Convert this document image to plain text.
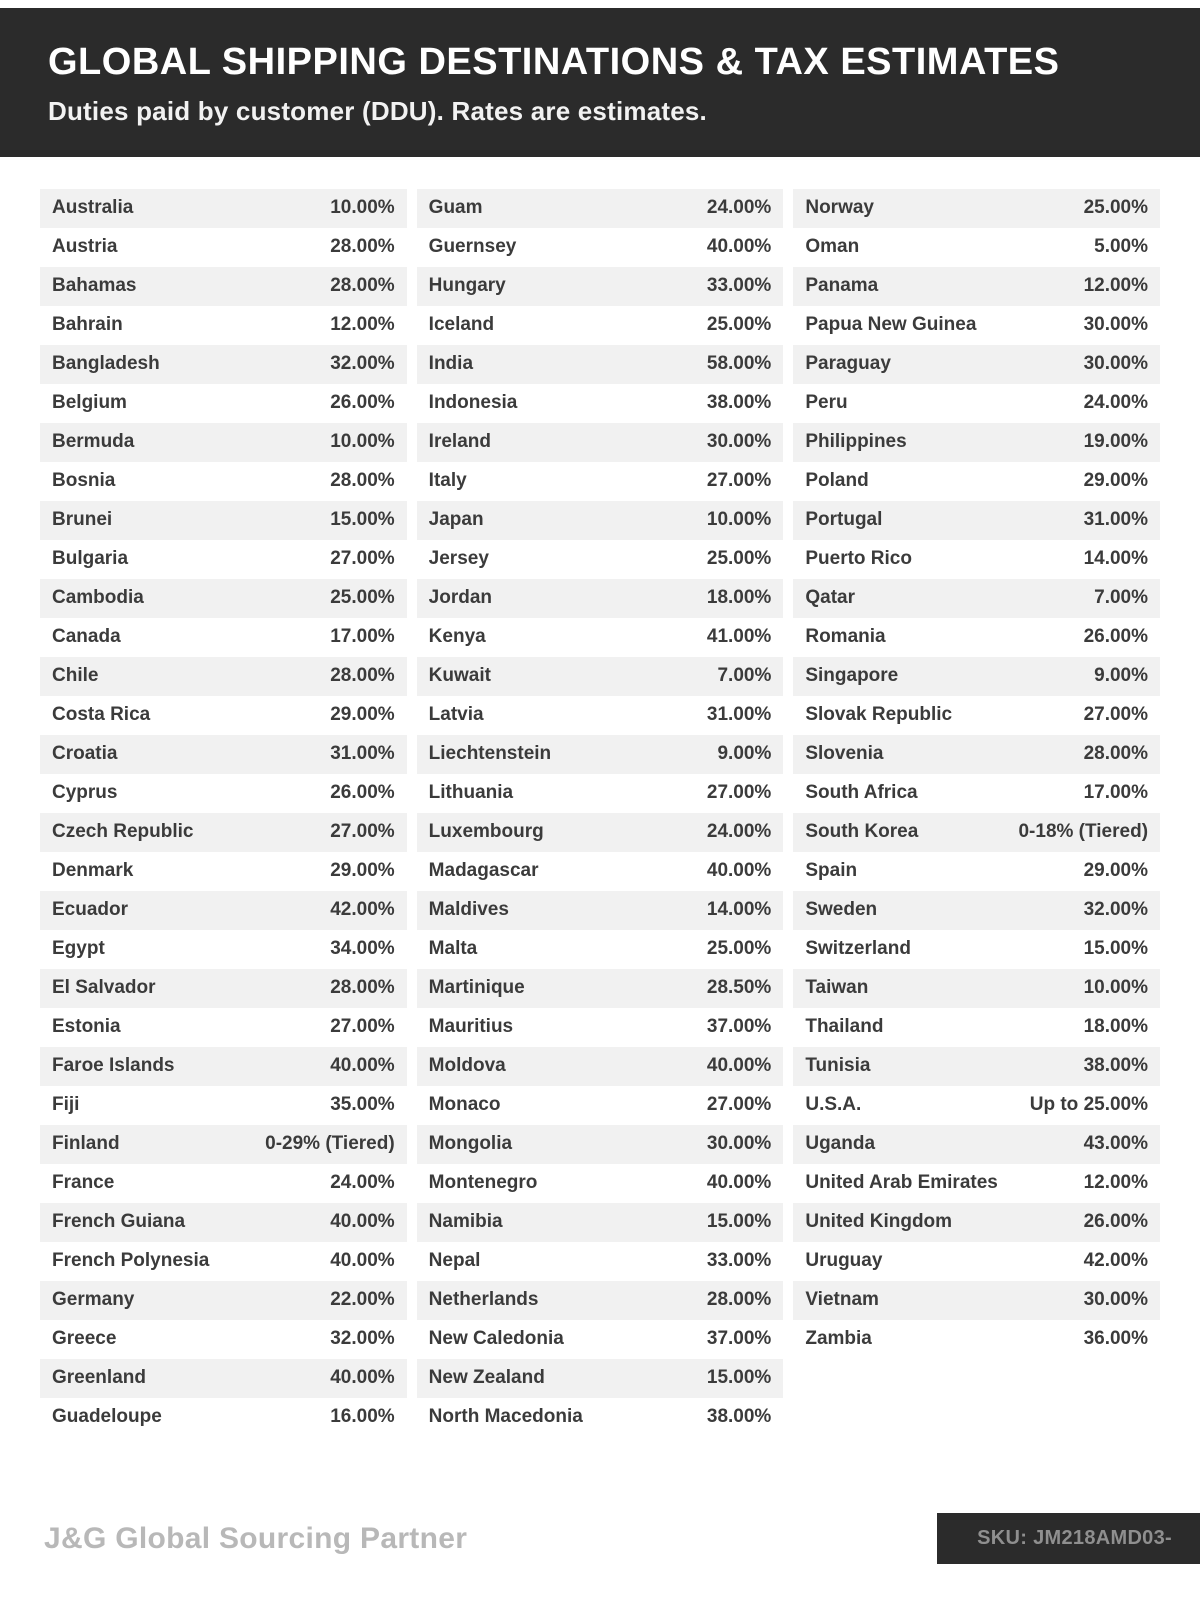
GLOBAL SHIPPING DESTINATIONS & TAX ESTIMATES

Duties paid by customer (DDU). Rates are estimates.

Australia	10.00%
Austria	28.00%
Bahamas	28.00%
Bahrain	12.00%
Bangladesh	32.00%
Belgium	26.00%
Bermuda	10.00%
Bosnia	28.00%
Brunei	15.00%
Bulgaria	27.00%
Cambodia	25.00%
Canada	17.00%
Chile	28.00%
Costa Rica	29.00%
Croatia	31.00%
Cyprus	26.00%
Czech Republic	27.00%
Denmark	29.00%
Ecuador	42.00%
Egypt	34.00%
El Salvador	28.00%
Estonia	27.00%
Faroe Islands	40.00%
Fiji	35.00%
Finland	0-29% (Tiered)
France	24.00%
French Guiana	40.00%
French Polynesia	40.00%
Germany	22.00%
Greece	32.00%
Greenland	40.00%
Guadeloupe	16.00%
Guam	24.00%
Guernsey	40.00%
Hungary	33.00%
Iceland	25.00%
India	58.00%
Indonesia	38.00%
Ireland	30.00%
Italy	27.00%
Japan	10.00%
Jersey	25.00%
Jordan	18.00%
Kenya	41.00%
Kuwait	7.00%
Latvia	31.00%
Liechtenstein	9.00%
Lithuania	27.00%
Luxembourg	24.00%
Madagascar	40.00%
Maldives	14.00%
Malta	25.00%
Martinique	28.50%
Mauritius	37.00%
Moldova	40.00%
Monaco	27.00%
Mongolia	30.00%
Montenegro	40.00%
Namibia	15.00%
Nepal	33.00%
Netherlands	28.00%
New Caledonia	37.00%
New Zealand	15.00%
North Macedonia	38.00%
Norway	25.00%
Oman	5.00%
Panama	12.00%
Papua New Guinea	30.00%
Paraguay	30.00%
Peru	24.00%
Philippines	19.00%
Poland	29.00%
Portugal	31.00%
Puerto Rico	14.00%
Qatar	7.00%
Romania	26.00%
Singapore	9.00%
Slovak Republic	27.00%
Slovenia	28.00%
South Africa	17.00%
South Korea	0-18% (Tiered)
Spain	29.00%
Sweden	32.00%
Switzerland	15.00%
Taiwan	10.00%
Thailand	18.00%
Tunisia	38.00%
U.S.A.	Up to 25.00%
Uganda	43.00%
United Arab Emirates	12.00%
United Kingdom	26.00%
Uruguay	42.00%
Vietnam	30.00%
Zambia	36.00%
J&G Global Sourcing Partner	SKU: JM218AMD03-
